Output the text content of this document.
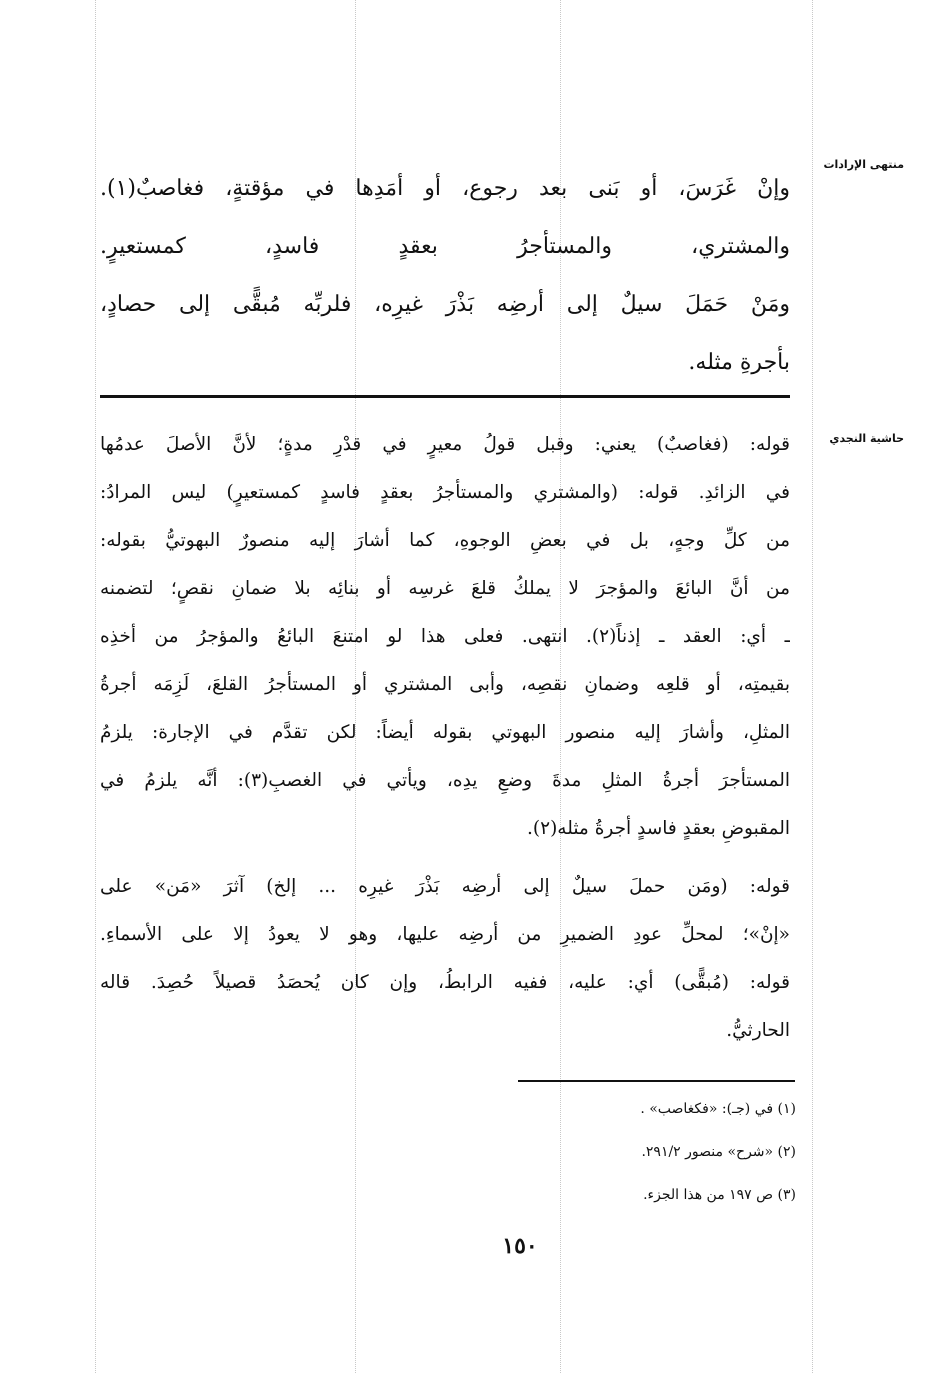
منتهى الإرادات
حاشية النجدي
وإنْ غَرَسَ، أو بَنى بعد رجوع، أو أمَدِها في مؤقتةٍ، فغاصبٌ(١).
والمشتري، والمستأجرُ بعقدٍ فاسدٍ، كمستعيرٍ.
ومَنْ حَمَلَ سيلٌ إلى أرضِه بَذْرَ غيرِه، فلربِّه مُبقًّى إلى حصادٍ،
بأجرةِ مثله.
قوله: (فغاصبٌ) يعني: وقبل قولُ معيرٍ في قدْرِ مدةٍ؛ لأنَّ الأصلَ عدمُها
في الزائدِ. قوله: (والمشتري والمستأجرُ بعقدٍ فاسدٍ كمستعيرٍ) ليس المرادُ:
من كلِّ وجهٍ، بل في بعضِ الوجوهِ، كما أشارَ إليه منصورٌ البهوتيُّ بقوله:
من أنَّ البائعَ والمؤجرَ لا يملكُ قلعَ غرسِه أو بنائِه بلا ضمانِ نقصٍ؛ لتضمنه
ـ أي: العقد ـ إذناً(٢). انتهى. فعلى هذا لو امتنعَ البائعُ والمؤجرُ من أخذِه
بقيمتِه، أو قلعِه وضمانِ نقصِه، وأبى المشتري أو المستأجرُ القلعَ، لَزِمَه أجرةُ
المثلِ، وأشارَ إليه منصور البهوتي بقوله أيضاً: لكن تقدَّم في الإجارة: يلزمُ
المستأجرَ أجرةُ المثلِ مدةَ وضعِ يدِه، ويأتي في الغصبِ(٣): أنَّه يلزمُ في
المقبوضِ بعقدٍ فاسدٍ أجرةُ مثله(٢).
قوله: (ومَن حملَ سيلٌ إلى أرضِه بَذْرَ غيرِه ... إلخ) آثرَ «مَن» على
«إنْ»؛ لمحلِّ عودِ الضميرِ من أرضِه عليها، وهو لا يعودُ إلا على الأسماءِ.
قوله: (مُبقًّى) أي: عليه، ففيه الرابطُ، وإن كان يُحصَدُ قصيلاً حُصِدَ. قاله
الحارثيُّ.
(١) في (جـ): «فكغاصب» .
(٢) «شرح» منصور ٢٩١/٢.
(٣) ص ١٩٧ من هذا الجزء.
١٥٠
